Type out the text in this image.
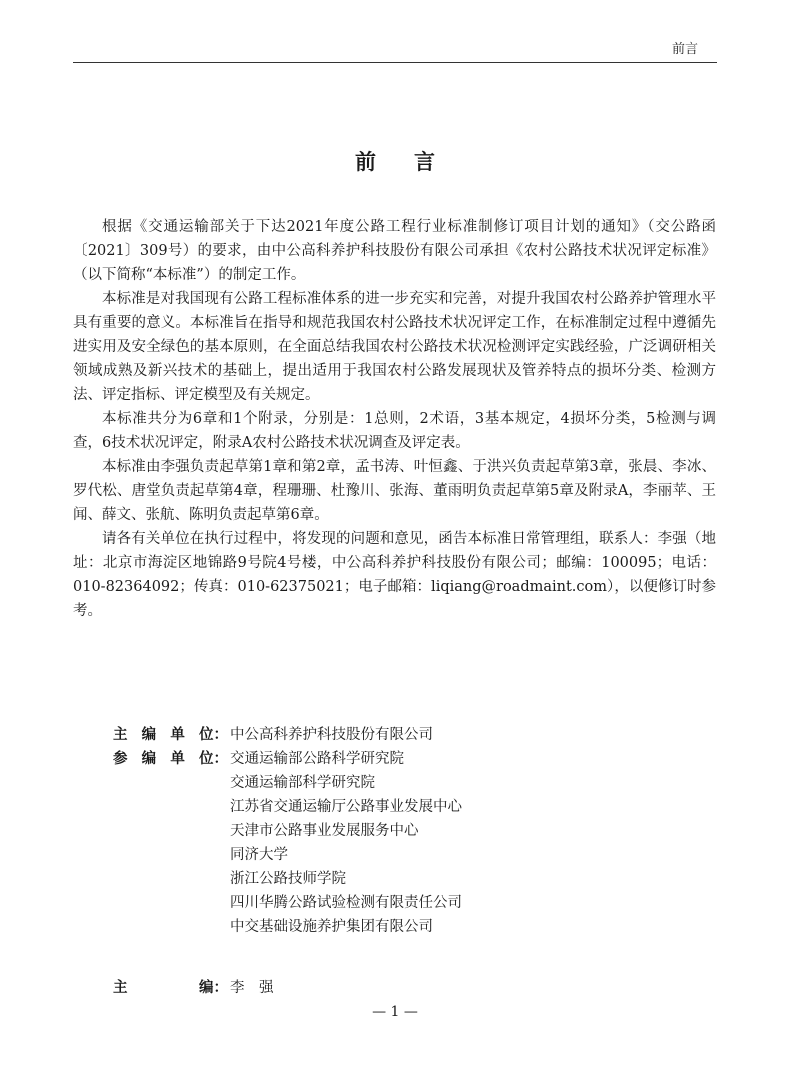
前言
前言

根据《交通运输部关于下达2021年度公路工程行业标准制修订项目计划的通知》（交公路函〔2021〕309号）的要求，由中公高科养护科技股份有限公司承担《农村公路技术状况评定标准》（以下简称“本标准”）的制定工作。

本标准是对我国现有公路工程标准体系的进一步充实和完善，对提升我国农村公路养护管理水平具有重要的意义。本标准旨在指导和规范我国农村公路技术状况评定工作，在标准制定过程中遵循先进实用及安全绿色的基本原则，在全面总结我国农村公路技术状况检测评定实践经验，广泛调研相关领域成熟及新兴技术的基础上，提出适用于我国农村公路发展现状及管养特点的损坏分类、检测方法、评定指标、评定模型及有关规定。

本标准共分为6章和1个附录，分别是：1总则，2术语，3基本规定，4损坏分类，5检测与调查，6技术状况评定，附录A农村公路技术状况调查及评定表。

本标准由李强负责起草第1章和第2章，孟书涛、叶恒鑫、于洪兴负责起草第3章，张晨、李冰、罗代松、唐堂负责起草第4章，程珊珊、杜豫川、张海、董雨明负责起草第5章及附录A，李丽苹、王闻、薛文、张航、陈明负责起草第6章。

请各有关单位在执行过程中，将发现的问题和意见，函告本标准日常管理组，联系人：李强（地址：北京市海淀区地锦路9号院4号楼，中公高科养护科技股份有限公司；邮编：100095；电话：010-82364092；传真：010-62375021；电子邮箱：liqiang@roadmaint.com），以便修订时参考。

主 编 单 位： 中公高科养护科技股份有限公司
参 编 单 位： 交通运输部公路科学研究院
交通运输部科学研究院
江苏省交通运输厅公路事业发展中心
天津市公路事业发展服务中心
同济大学
浙江公路技师学院
四川华腾公路试验检测有限责任公司
中交基础设施养护集团有限公司
主	编： 李　强
— 1 —
